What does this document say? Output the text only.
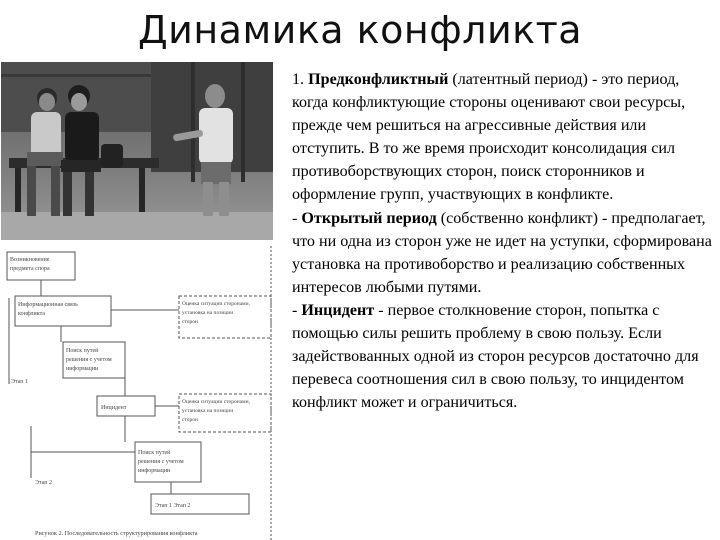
Динамика конфликта
Возникновение предмета спора
Информационная связь конфликта
Оценка ситуации сторонами, установка на позиции сторон
Поиск путей решения с учетом информации
Этап 1
Инцидент
Оценка ситуации сторонами, установка на позиции сторон
Поиск путей решения с учетом информации
Этап 2
Этап 1 Этап 2
Рисунок 2. Последовательность структурирования конфликта

1. Предконфликтный (латентный период) - это период, когда конфликтующие стороны оценивают свои ресурсы, прежде чем решиться на агрессивные действия или отступить. В то же время происходит консолидация сил противоборствующих сторон, поиск сторонников и оформление групп, участвующих в конфликте.

- Открытый период (собственно конфликт) - предполагает, что ни одна из сторон уже не идет на уступки, сформирована установка на противоборство и реализацию собственных интересов любыми путями.

- Инцидент - первое столкновение сторон, попытка с помощью силы решить проблему в свою пользу. Если задействованных одной из сторон ресурсов достаточно для перевеса соотношения сил в свою пользу, то инцидентом конфликт может и ограничиться.
